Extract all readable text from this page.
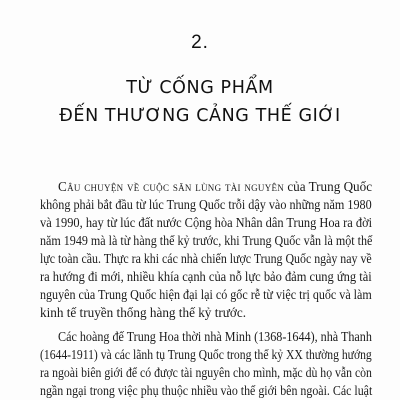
2.
TỪ CỐNG PHẨM
ĐẾN THƯƠNG CẢNG THẾ GIỚI
Câu chuyện về cuộc săn lùng tài nguyên của Trung Quốc
không phải bắt đầu từ lúc Trung Quốc trỗi dậy vào những năm 1980
và 1990, hay từ lúc đất nước Cộng hòa Nhân dân Trung Hoa ra đời
năm 1949 mà là từ hàng thế kỷ trước, khi Trung Quốc vẫn là một thế
lực toàn cầu. Thực ra khi các nhà chiến lược Trung Quốc ngày nay về
ra hướng đi mới, nhiều khía cạnh của nỗ lực bảo đảm cung ứng tài
nguyên của Trung Quốc hiện đại lại có gốc rễ từ việc trị quốc và làm
kinh tế truyền thống hàng thế kỷ trước.
Các hoàng đế Trung Hoa thời nhà Minh (1368-1644), nhà Thanh
(1644-1911) và các lãnh tụ Trung Quốc trong thế kỷ XX thường hướng
ra ngoài biên giới để có được tài nguyên cho mình, mặc dù họ vẫn còn
ngần ngại trong việc phụ thuộc nhiều vào thế giới bên ngoài. Các luật
